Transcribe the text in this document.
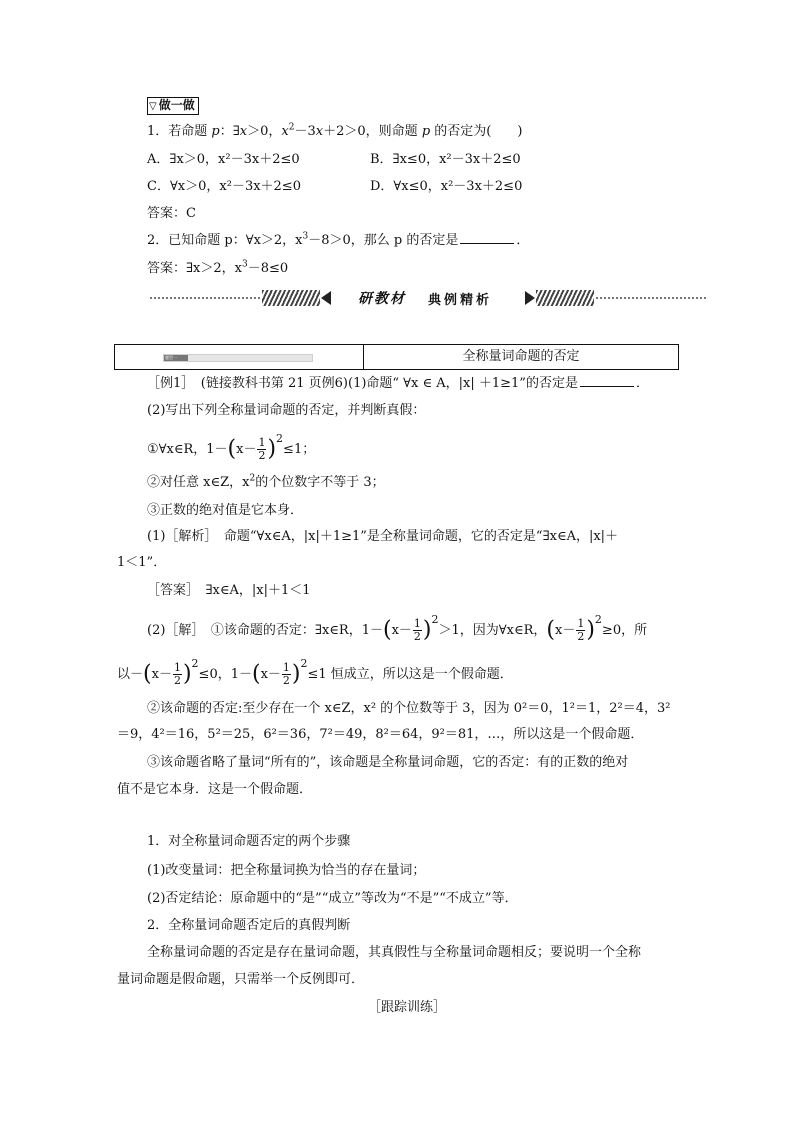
▽ 做一做
1．若命题 p：∃x＞0，$x^2-3x+2>0$，则命题 p 的否定为(　　)
A．∃x＞0，x²－3x＋2≤0	B．∃x≤0，x²－3x＋2≤0
C．∀x＞0，x²－3x＋2≤0	D．∀x≤0，x²－3x＋2≤0
答案：C
2．已知命题 p：∀x＞2，$x^3-8>0$，那么 p 的否定是	．
答案：∃x＞2，$x^3-8\le 0$
研教材 典例精析
题型一	全称量词命题的否定
［例1］　(链接教科书第 21 页例6)(1)命题“ ∀x ∈ A，|x| ＋1≥1”的否定是	．
(2)写出下列全称量词命题的否定，并判断真假：
①∀x∈R，$1-(x- \frac{1}{2} )^2\le 1$；
②对任意 x∈Z，$x^2$的个位数字不等于 3；
③正数的绝对值是它本身．
(1)［解析］　命题“∀x∈A，|x|＋1≥1”是全称量词命题，它的否定是“∃x∈A，|x|＋
1＜1”．
［答案］　∃x∈A，|x|＋1＜1
(2)［解］　①该命题的否定：∃x∈R，$1-(x- \frac{1}{2} )^2>1$，因为∀x∈R，$(x- \frac{1}{2} )^2\ge 0$，所
以$-(x- \frac{1}{2} )^2\le 0$，$1-(x- \frac{1}{2} )^2\le 1$ 恒成立，所以这是一个假命题．
②该命题的否定:至少存在一个 x∈Z，x² 的个位数等于 3，因为 0²＝0，1²＝1，2²＝4，3²
＝9，4²＝16，5²＝25，6²＝36，7²＝49，8²＝64，9²＝81，…，所以这是一个假命题．
③该命题省略了量词“所有的”，该命题是全称量词命题，它的否定：有的正数的绝对
值不是它本身．这是一个假命题．
1．对全称量词命题否定的两个步骤
(1)改变量词：把全称量词换为恰当的存在量词；
(2)否定结论：原命题中的“是”“成立”等改为“不是”“不成立”等．
2．全称量词命题否定后的真假判断
全称量词命题的否定是存在量词命题，其真假性与全称量词命题相反；要说明一个全称
量词命题是假命题，只需举一个反例即可．
［跟踪训练］
